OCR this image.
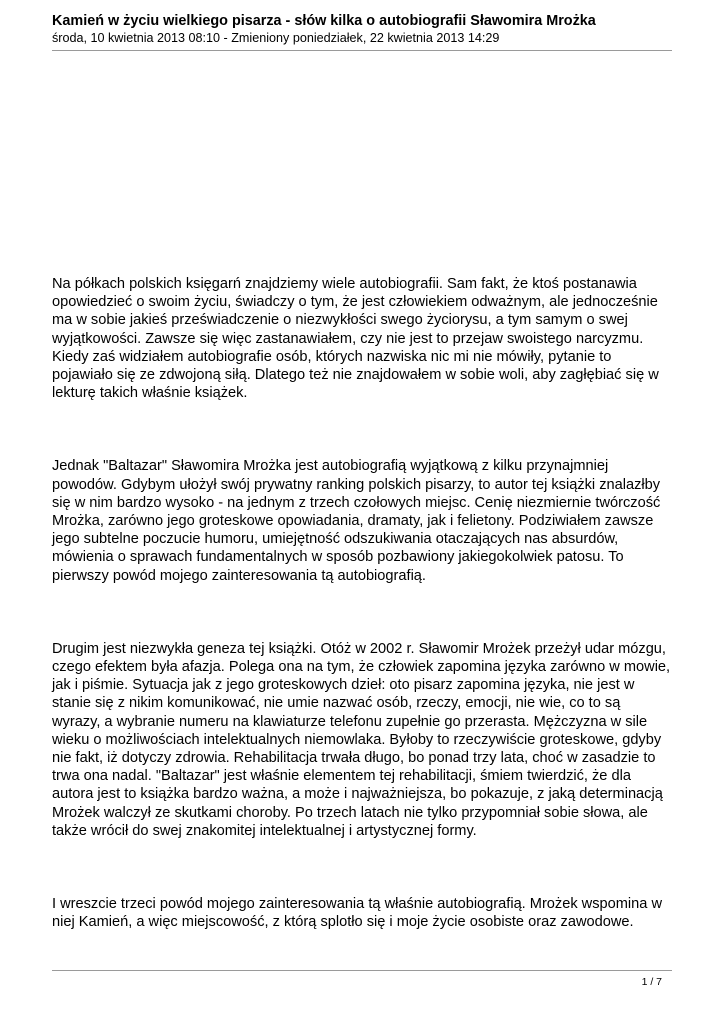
Kamień w życiu wielkiego pisarza - słów kilka o autobiografii Sławomira Mrożka
środa, 10 kwietnia 2013 08:10 - Zmieniony poniedziałek, 22 kwietnia 2013 14:29

Na półkach polskich księgarń znajdziemy wiele autobiografii. Sam fakt, że ktoś postanawia
opowiedzieć o swoim życiu, świadczy o tym, że jest człowiekiem odważnym, ale jednocześnie
ma w sobie jakieś przeświadczenie o niezwykłości swego życiorysu, a tym samym o swej
wyjątkowości. Zawsze się więc zastanawiałem, czy nie jest to przejaw swoistego narcyzmu.
Kiedy zaś widziałem autobiografie osób, których nazwiska nic mi nie mówiły, pytanie to
pojawiało się ze zdwojoną siłą. Dlatego też nie znajdowałem w sobie woli, aby zagłębiać się w
lekturę takich właśnie książek.

Jednak "Baltazar" Sławomira Mrożka jest autobiografią wyjątkową z kilku przynajmniej
powodów. Gdybym ułożył swój prywatny ranking polskich pisarzy, to autor tej książki znalazłby
się w nim bardzo wysoko - na jednym z trzech czołowych miejsc. Cenię niezmiernie twórczość
Mrożka, zarówno jego groteskowe opowiadania, dramaty, jak i felietony. Podziwiałem zawsze
jego subtelne poczucie humoru, umiejętność odszukiwania otaczających nas absurdów,
mówienia o sprawach fundamentalnych w sposób pozbawiony jakiegokolwiek patosu. To
pierwszy powód mojego zainteresowania tą autobiografią.

Drugim jest niezwykła geneza tej książki. Otóż w 2002 r. Sławomir Mrożek przeżył udar mózgu,
czego efektem była afazja. Polega ona na tym, że człowiek zapomina języka zarówno w mowie,
jak i piśmie. Sytuacja jak z jego groteskowych dzieł: oto pisarz zapomina języka, nie jest w
stanie się z nikim komunikować, nie umie nazwać osób, rzeczy, emocji, nie wie, co to są
wyrazy, a wybranie numeru na klawiaturze telefonu zupełnie go przerasta. Mężczyzna w sile
wieku o możliwościach intelektualnych niemowlaka. Byłoby to rzeczywiście groteskowe, gdyby
nie fakt, iż dotyczy zdrowia. Rehabilitacja trwała długo, bo ponad trzy lata, choć w zasadzie to
trwa ona nadal. "Baltazar" jest właśnie elementem tej rehabilitacji, śmiem twierdzić, że dla
autora jest to książka bardzo ważna, a może i najważniejsza, bo pokazuje, z jaką determinacją
Mrożek walczył ze skutkami choroby. Po trzech latach nie tylko przypomniał sobie słowa, ale
także wrócił do swej znakomitej intelektualnej i artystycznej formy.

I wreszcie trzeci powód mojego zainteresowania tą właśnie autobiografią. Mrożek wspomina w
niej Kamień, a więc miejscowość, z którą splotło się i moje życie osobiste oraz zawodowe.

1 / 7
